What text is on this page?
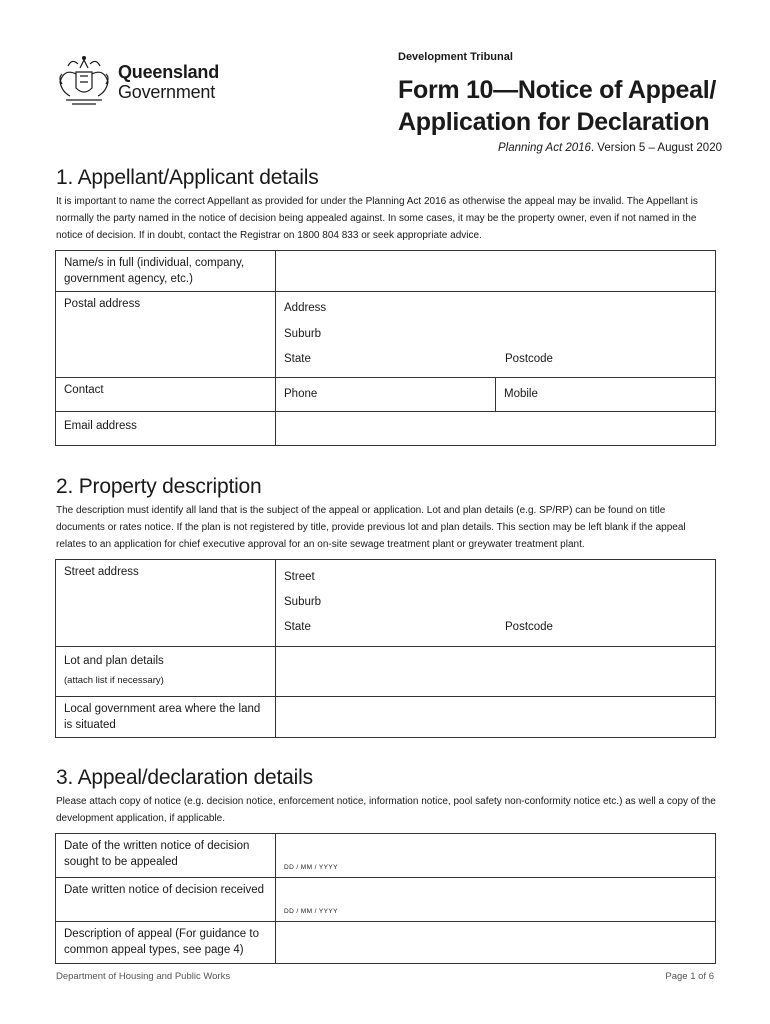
Queensland
Government
Development Tribunal
Form 10—Notice of Appeal/ Application for Declaration
Planning Act 2016. Version 5 – August 2020
1. Appellant/Applicant details
It is important to name the correct Appellant as provided for under the Planning Act 2016 as otherwise the appeal may be invalid. The Appellant is normally the party named in the notice of decision being appealed against. In some cases, it may be the property owner, even if not named in the notice of decision. If in doubt, contact the Registrar on 1800 804 833 or seek appropriate advice.
Name/s in full (individual, company, government agency, etc.)		
Postal address	Address
Suburb
State Postcode	

Contact	Phone	Mobile
Email address		
2. Property description
The description must identify all land that is the subject of the appeal or application. Lot and plan details (e.g. SP/RP) can be found on title documents or rates notice. If the plan is not registered by title, provide previous lot and plan details. This section may be left blank if the appeal relates to an application for chief executive approval for an on-site sewage treatment plant or greywater treatment plant.
Street address	Street
Suburb
State Postcode

Lot and plan details
(attach list if necessary)	

Local government area where the land is situated	
3. Appeal/declaration details
Please attach copy of notice (e.g. decision notice, enforcement notice, information notice, pool safety non-conformity notice etc.) as well a copy of the development application, if applicable.
Date of the written notice of decision sought to be appealed	DD / MM / YYYY
Date written notice of decision received	DD / MM / YYYY
Description of appeal (For guidance to common appeal types, see page 4)	
Department of Housing and Public Works	Page 1 of 6
